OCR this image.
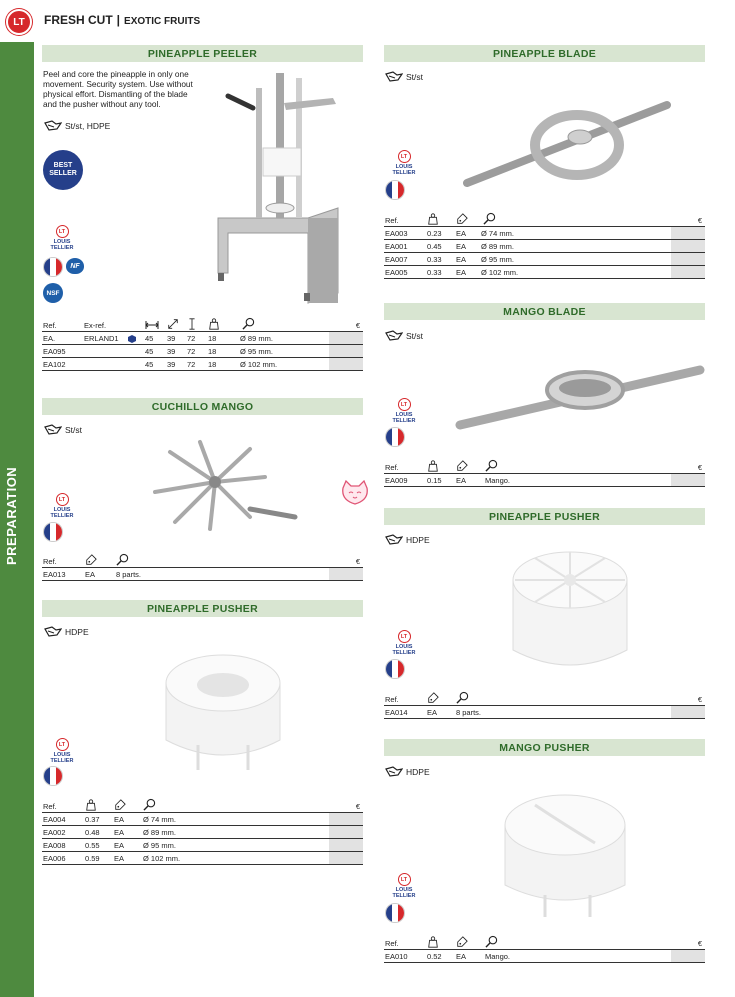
LT	FRESH CUT | EXOTIC FRUITS
PREPARATION
PINEAPPLE PEELER
Peel and core the pineapple in only one movement. Security system. Use without physical effort. Dismantling of the blade and the pusher without any tool.
St/st, HDPE
BEST SELLER
LT
LOUIS TELLIER
NF
NSF
Ref.	Ex-ref.	€
EA.	ERLAND1	45 39 72 18	Ø 89 mm.
EA095	45 39 72 18	Ø 95 mm.
EA102	45 39 72 18	Ø 102 mm.
CUCHILLO MANGO
St/st
LT
LOUIS TELLIER
Ref.	€
EA013	EA	8 parts.
PINEAPPLE PUSHER
HDPE
LT
LOUIS TELLIER
Ref.	€
EA004	0.37 EA	Ø 74 mm.
EA002	0.48 EA	Ø 89 mm.
EA008	0.55 EA	Ø 95 mm.
EA006	0.59 EA	Ø 102 mm.
PINEAPPLE BLADE
St/st
LT
LOUIS TELLIER
Ref.	€
EA003	0.23 EA Ø 74 mm.
EA001	0.45 EA Ø 89 mm.
EA007	0.33 EA Ø 95 mm.
EA005	0.33 EA Ø 102 mm.
MANGO BLADE
St/st
LT
LOUIS TELLIER
Ref.	€
EA009	0.15 EA	Mango.
PINEAPPLE PUSHER
HDPE
LT
LOUIS TELLIER
Ref.	€
EA014	EA	8 parts.
MANGO PUSHER
HDPE
LT
LOUIS TELLIER
Ref.	€
EA010	0.52 EA	Mango.
